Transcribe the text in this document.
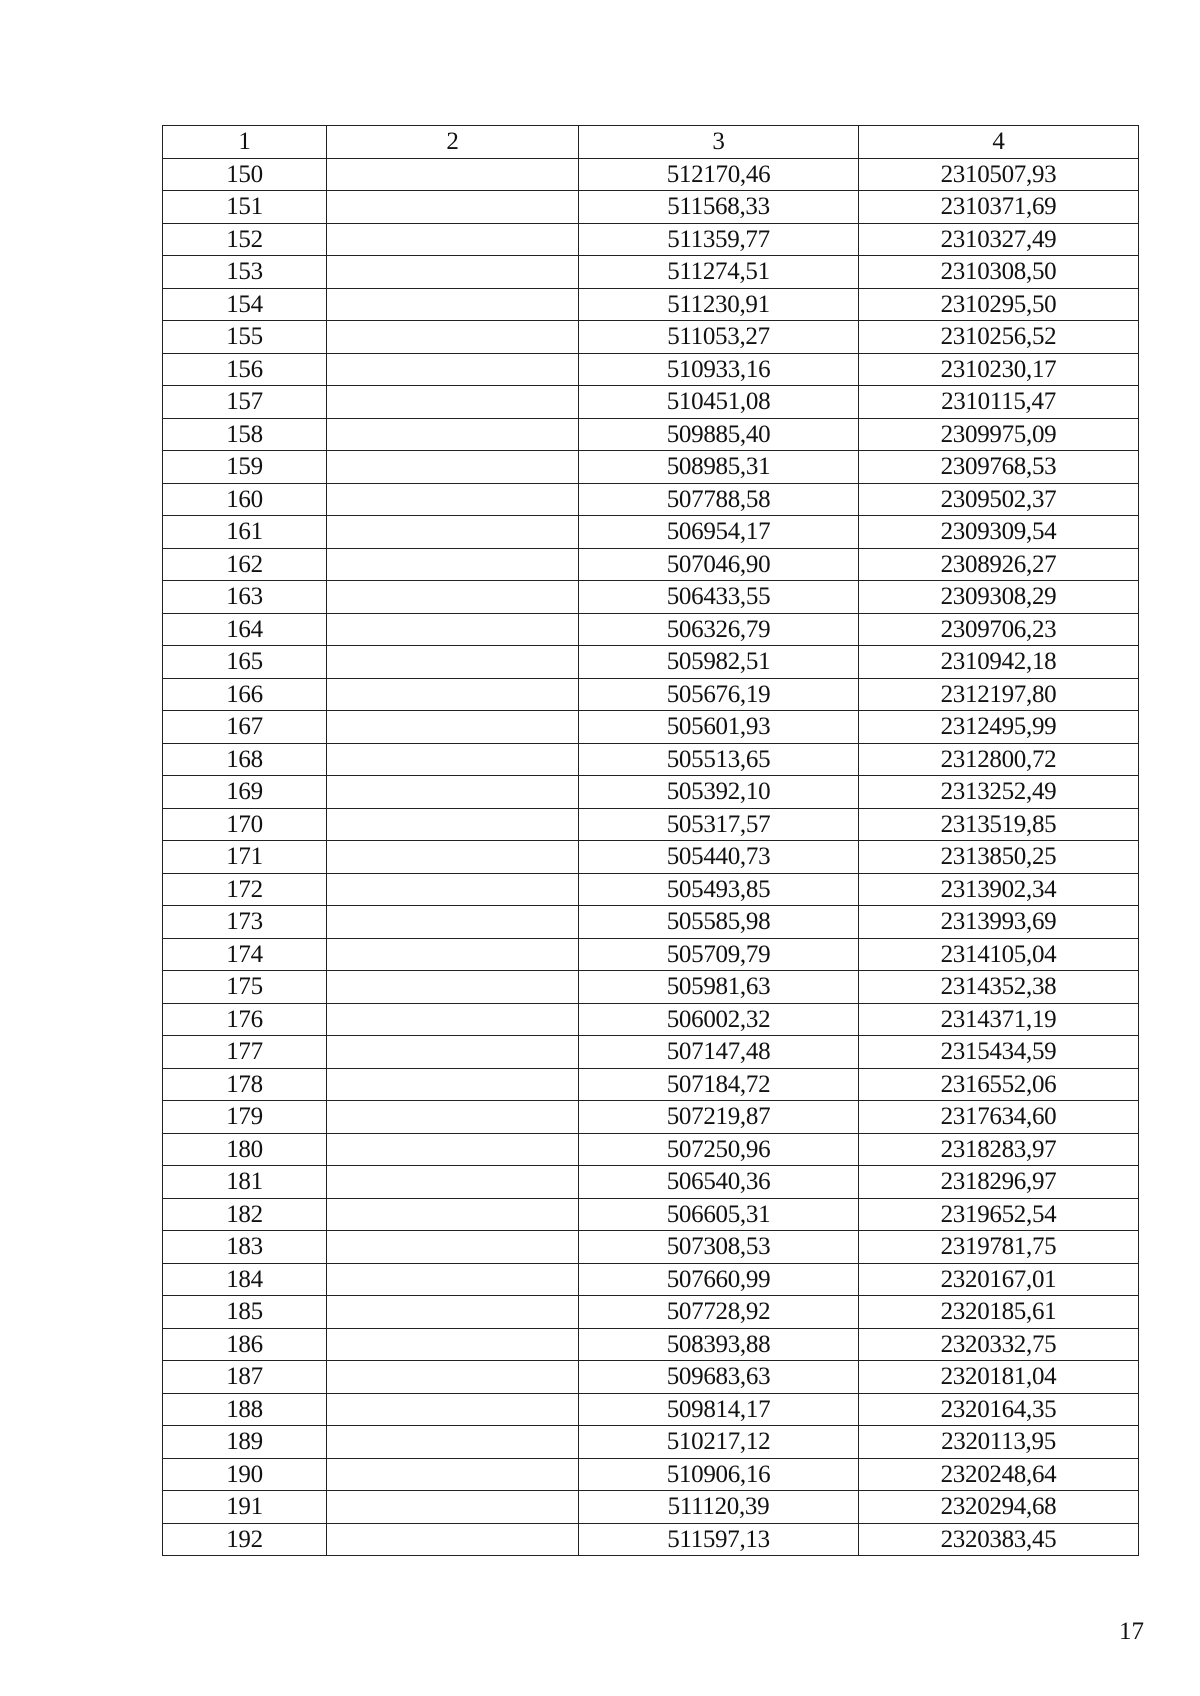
1	2	3	4
150		512170,46	2310507,93
151		511568,33	2310371,69
152		511359,77	2310327,49
153		511274,51	2310308,50
154		511230,91	2310295,50
155		511053,27	2310256,52
156		510933,16	2310230,17
157		510451,08	2310115,47
158		509885,40	2309975,09
159		508985,31	2309768,53
160		507788,58	2309502,37
161		506954,17	2309309,54
162		507046,90	2308926,27
163		506433,55	2309308,29
164		506326,79	2309706,23
165		505982,51	2310942,18
166		505676,19	2312197,80
167		505601,93	2312495,99
168		505513,65	2312800,72
169		505392,10	2313252,49
170		505317,57	2313519,85
171		505440,73	2313850,25
172		505493,85	2313902,34
173		505585,98	2313993,69
174		505709,79	2314105,04
175		505981,63	2314352,38
176		506002,32	2314371,19
177		507147,48	2315434,59
178		507184,72	2316552,06
179		507219,87	2317634,60
180		507250,96	2318283,97
181		506540,36	2318296,97
182		506605,31	2319652,54
183		507308,53	2319781,75
184		507660,99	2320167,01
185		507728,92	2320185,61
186		508393,88	2320332,75
187		509683,63	2320181,04
188		509814,17	2320164,35
189		510217,12	2320113,95
190		510906,16	2320248,64
191		511120,39	2320294,68
192		511597,13	2320383,45
17
